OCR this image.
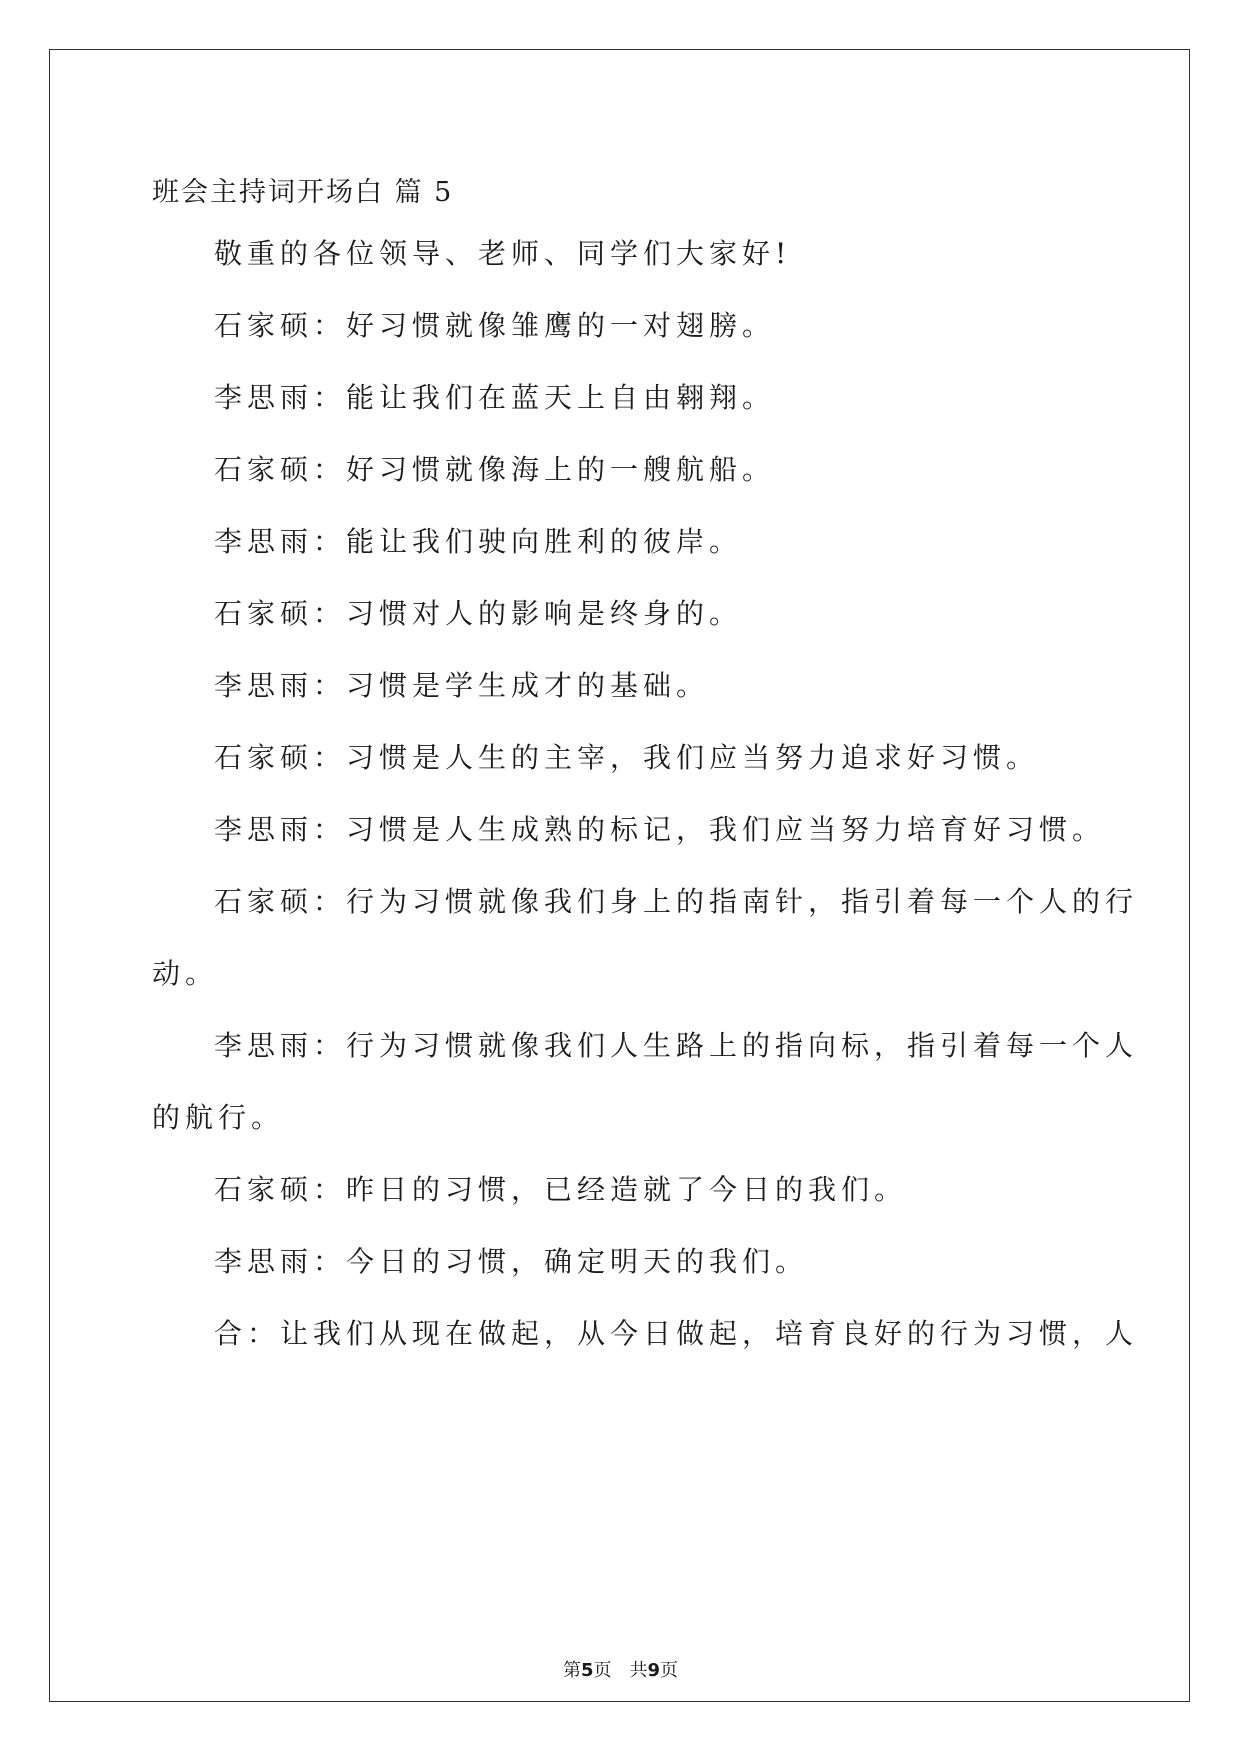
班会主持词开场白 篇 5
敬重的各位领导、老师、同学们大家好!
石家硕：好习惯就像雏鹰的一对翅膀。
李思雨：能让我们在蓝天上自由翱翔。
石家硕：好习惯就像海上的一艘航船。
李思雨：能让我们驶向胜利的彼岸。
石家硕：习惯对人的影响是终身的。
李思雨：习惯是学生成才的基础。
石家硕：习惯是人生的主宰，我们应当努力追求好习惯。
李思雨：习惯是人生成熟的标记，我们应当努力培育好习惯。
石家硕：行为习惯就像我们身上的指南针，指引着每一个人的行
动。
李思雨：行为习惯就像我们人生路上的指向标，指引着每一个人
的航行。
石家硕：昨日的习惯，已经造就了今日的我们。
李思雨：今日的习惯，确定明天的我们。
合：让我们从现在做起，从今日做起，培育良好的行为习惯，人
第5页　共9页
